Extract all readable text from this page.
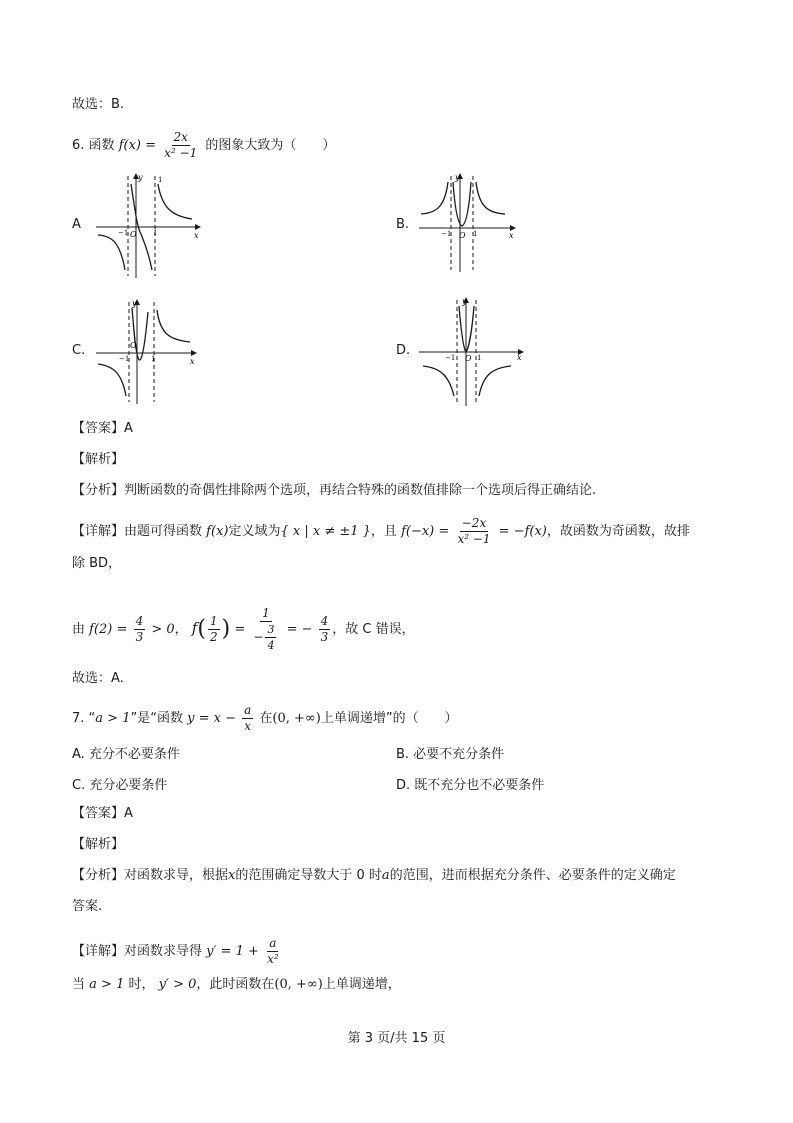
故选：B.
6. 函数 $f(x) = \frac{2x}{\text{x² −1}}$ 的图象大致为（　　）
A	B.
C.	D.
y
x
O
−1	1
1	y
x
O
−1	1
y
x
O
−1	1
y
x
O
−1	1
【答案】A
【解析】
【分析】判断函数的奇偶性排除两个选项，再结合特殊的函数值排除一个选项后得正确结论.
【详解】由题可得函数 f(x)定义域为{ x | x ≠ ±1 }，且 $f(-x) = \frac{-2x}{\text{x² −1}} = -f(x)$，故函数为奇函数，故排
除 BD，
由 $f(2) = \frac{4}{3} > 0$， $f( \frac{1}{2}$ ) = $\frac{1}{- \frac{3}{4}}$ = − $\frac{4}{3}$ ，故 C 错误，
故选：A.
7. “a > 1”是“函数 $y = x - \frac{a}{x}$ 在(0, +∞)上单调递增”的（　　）
A. 充分不必要条件	B. 必要不充分条件
C. 充分必要条件	D. 既不充分也不必要条件
【答案】A
【解析】
【分析】对函数求导，根据x的范围确定导数大于 0 时a的范围，进而根据充分条件、必要条件的定义确定
答案.
【详解】对函数求导得 $y' = 1 + \frac{a}{\text{x²}}$
当 a > 1 时， y′ > 0，此时函数在(0, +∞)上单调递增，
第 3 页/共 15 页
